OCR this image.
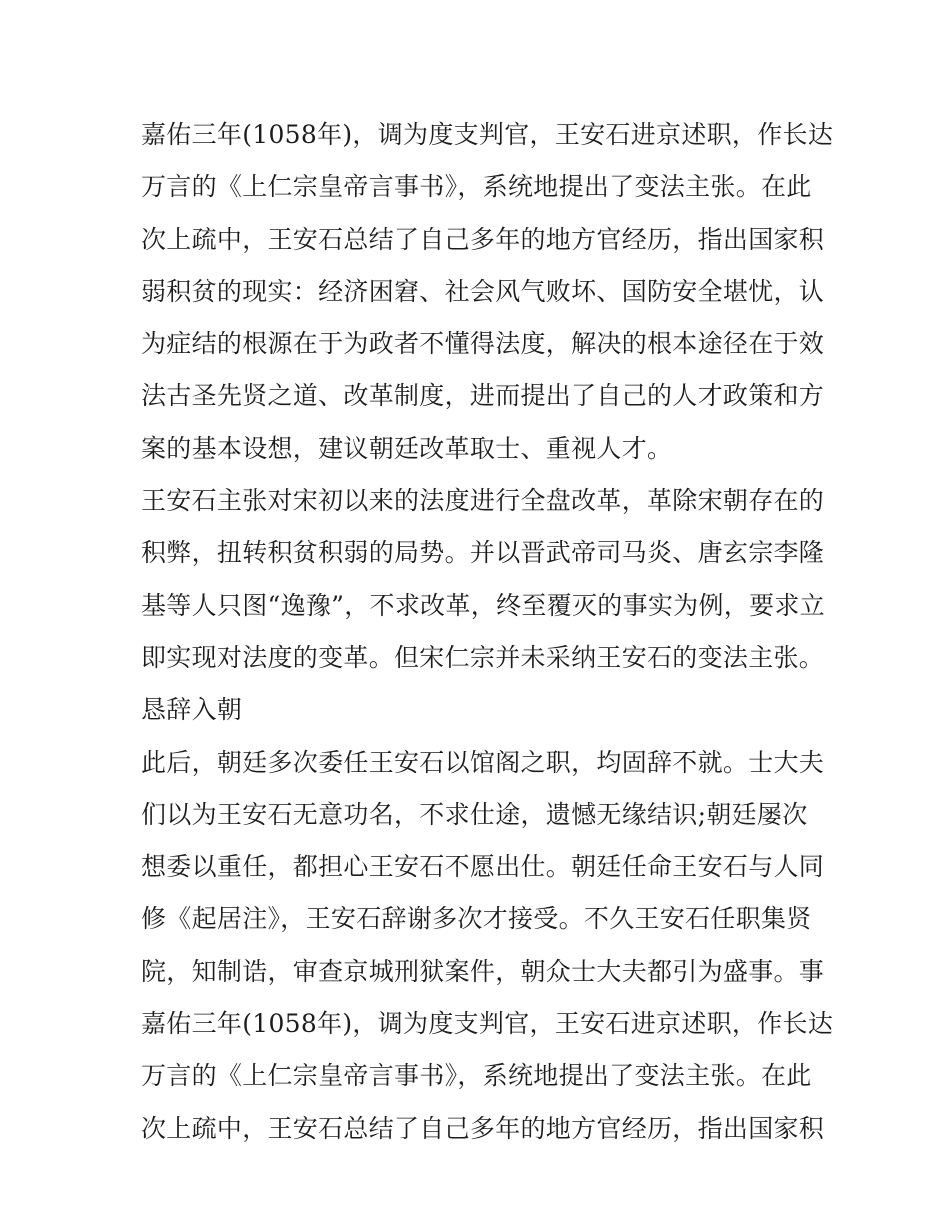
嘉佑三年(1058年)，调为度支判官，王安石进京述职，作长达
万言的《上仁宗皇帝言事书》，系统地提出了变法主张。在此
次上疏中，王安石总结了自己多年的地方官经历，指出国家积
弱积贫的现实：经济困窘、社会风气败坏、国防安全堪忧，认
为症结的根源在于为政者不懂得法度，解决的根本途径在于效
法古圣先贤之道、改革制度，进而提出了自己的人才政策和方
案的基本设想，建议朝廷改革取士、重视人才。
王安石主张对宋初以来的法度进行全盘改革，革除宋朝存在的
积弊，扭转积贫积弱的局势。并以晋武帝司马炎、唐玄宗李隆
基等人只图“逸豫”，不求改革，终至覆灭的事实为例，要求立
即实现对法度的变革。但宋仁宗并未采纳王安石的变法主张。
恳辞入朝
此后，朝廷多次委任王安石以馆阁之职，均固辞不就。士大夫
们以为王安石无意功名，不求仕途，遗憾无缘结识;朝廷屡次
想委以重任，都担心王安石不愿出仕。朝廷任命王安石与人同
修《起居注》，王安石辞谢多次才接受。不久王安石任职集贤
院，知制诰，审查京城刑狱案件，朝众士大夫都引为盛事。事
嘉佑三年(1058年)，调为度支判官，王安石进京述职，作长达
万言的《上仁宗皇帝言事书》，系统地提出了变法主张。在此
次上疏中，王安石总结了自己多年的地方官经历，指出国家积
